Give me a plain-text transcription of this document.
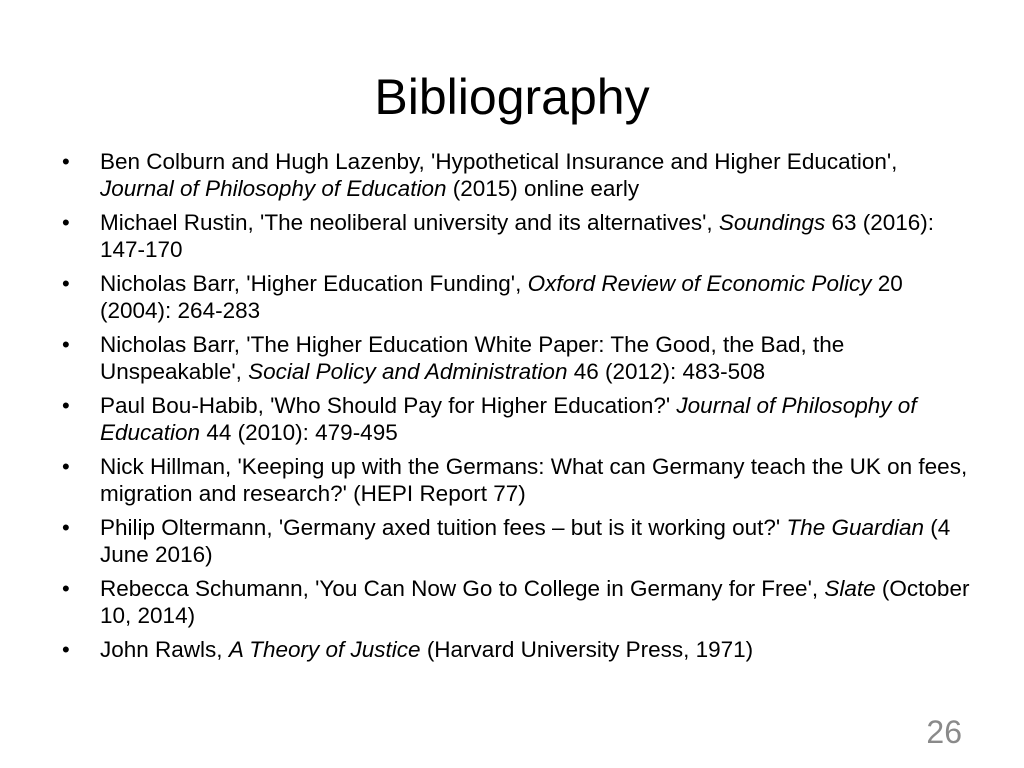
Bibliography
•	Ben Colburn and Hugh Lazenby, 'Hypothetical Insurance and Higher Education', Journal of Philosophy of Education (2015) online early
•	Michael Rustin, 'The neoliberal university and its alternatives', Soundings 63 (2016): 147-170
•	Nicholas Barr, 'Higher Education Funding', Oxford Review of Economic Policy 20 (2004): 264-283
•	Nicholas Barr, 'The Higher Education White Paper: The Good, the Bad, the Unspeakable', Social Policy and Administration 46 (2012): 483-508
•	Paul Bou-Habib, 'Who Should Pay for Higher Education?' Journal of Philosophy of Education 44 (2010): 479-495
•	Nick Hillman, 'Keeping up with the Germans: What can Germany teach the UK on fees, migration and research?' (HEPI Report 77)
•	Philip Oltermann, 'Germany axed tuition fees – but is it working out?' The Guardian (4 June 2016)
•	Rebecca Schumann, 'You Can Now Go to College in Germany for Free', Slate (October 10, 2014)
•	John Rawls, A Theory of Justice (Harvard University Press, 1971)
26
